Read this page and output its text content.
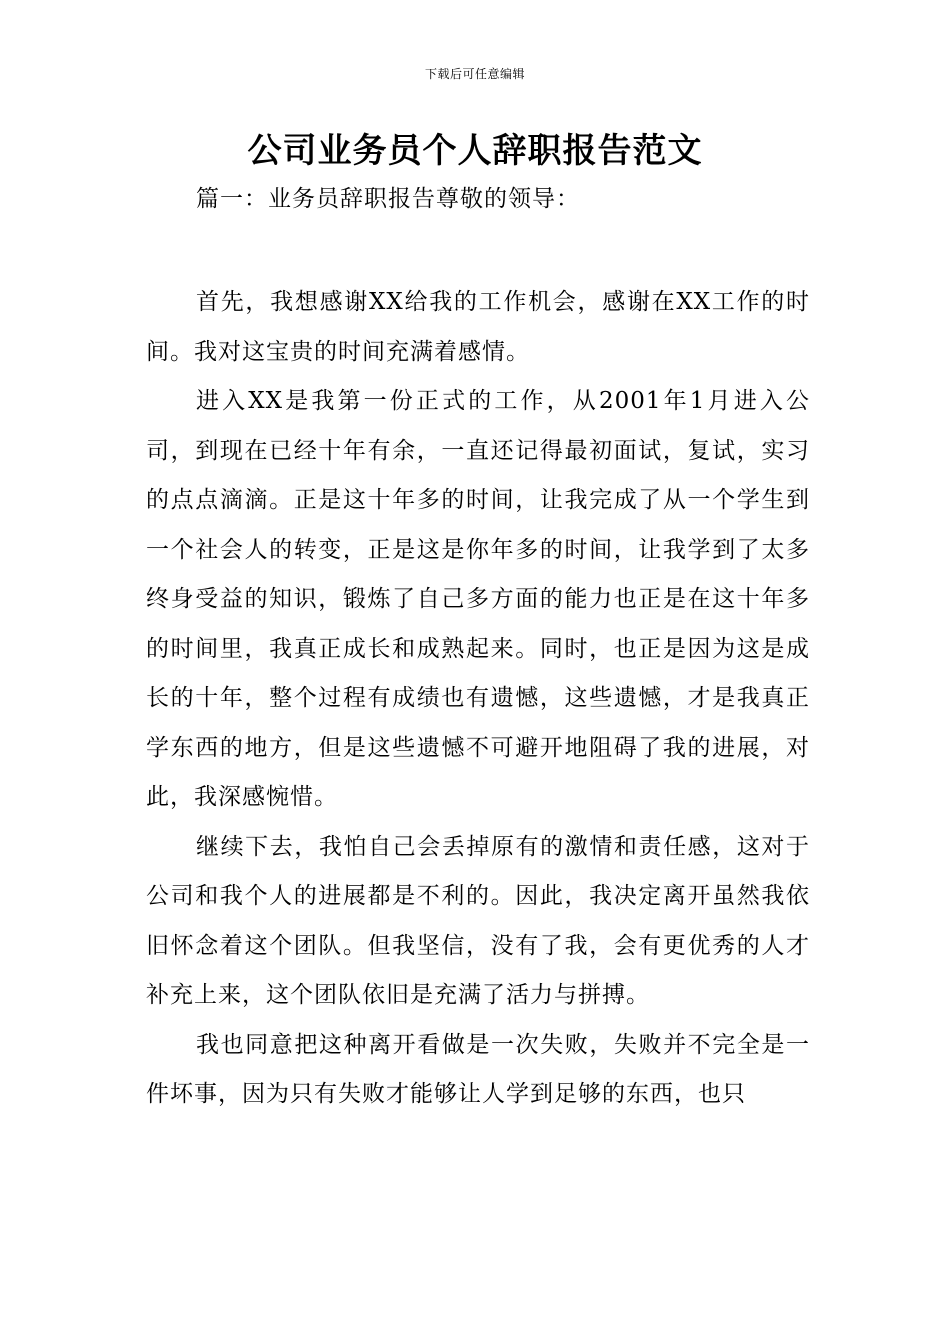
下载后可任意编辑
公司业务员个人辞职报告范文
篇一：业务员辞职报告尊敬的领导：

首先，我想感谢XX给我的工作机会，感谢在XX工作的时间。我对这宝贵的时间充满着感情。

进入XX是我第一份正式的工作，从2001年1月进入公司，到现在已经十年有余，一直还记得最初面试，复试，实习的点点滴滴。正是这十年多的时间，让我完成了从一个学生到一个社会人的转变，正是这是你年多的时间，让我学到了太多终身受益的知识，锻炼了自己多方面的能力也正是在这十年多的时间里，我真正成长和成熟起来。同时，也正是因为这是成长的十年，整个过程有成绩也有遗憾，这些遗憾，才是我真正学东西的地方，但是这些遗憾不可避开地阻碍了我的进展，对此，我深感惋惜。

继续下去，我怕自己会丢掉原有的激情和责任感，这对于公司和我个人的进展都是不利的。因此，我决定离开虽然我依旧怀念着这个团队。但我坚信，没有了我，会有更优秀的人才补充上来，这个团队依旧是充满了活力与拼搏。

我也同意把这种离开看做是一次失败，失败并不完全是一件坏事，因为只有失败才能够让人学到足够的东西，也只
